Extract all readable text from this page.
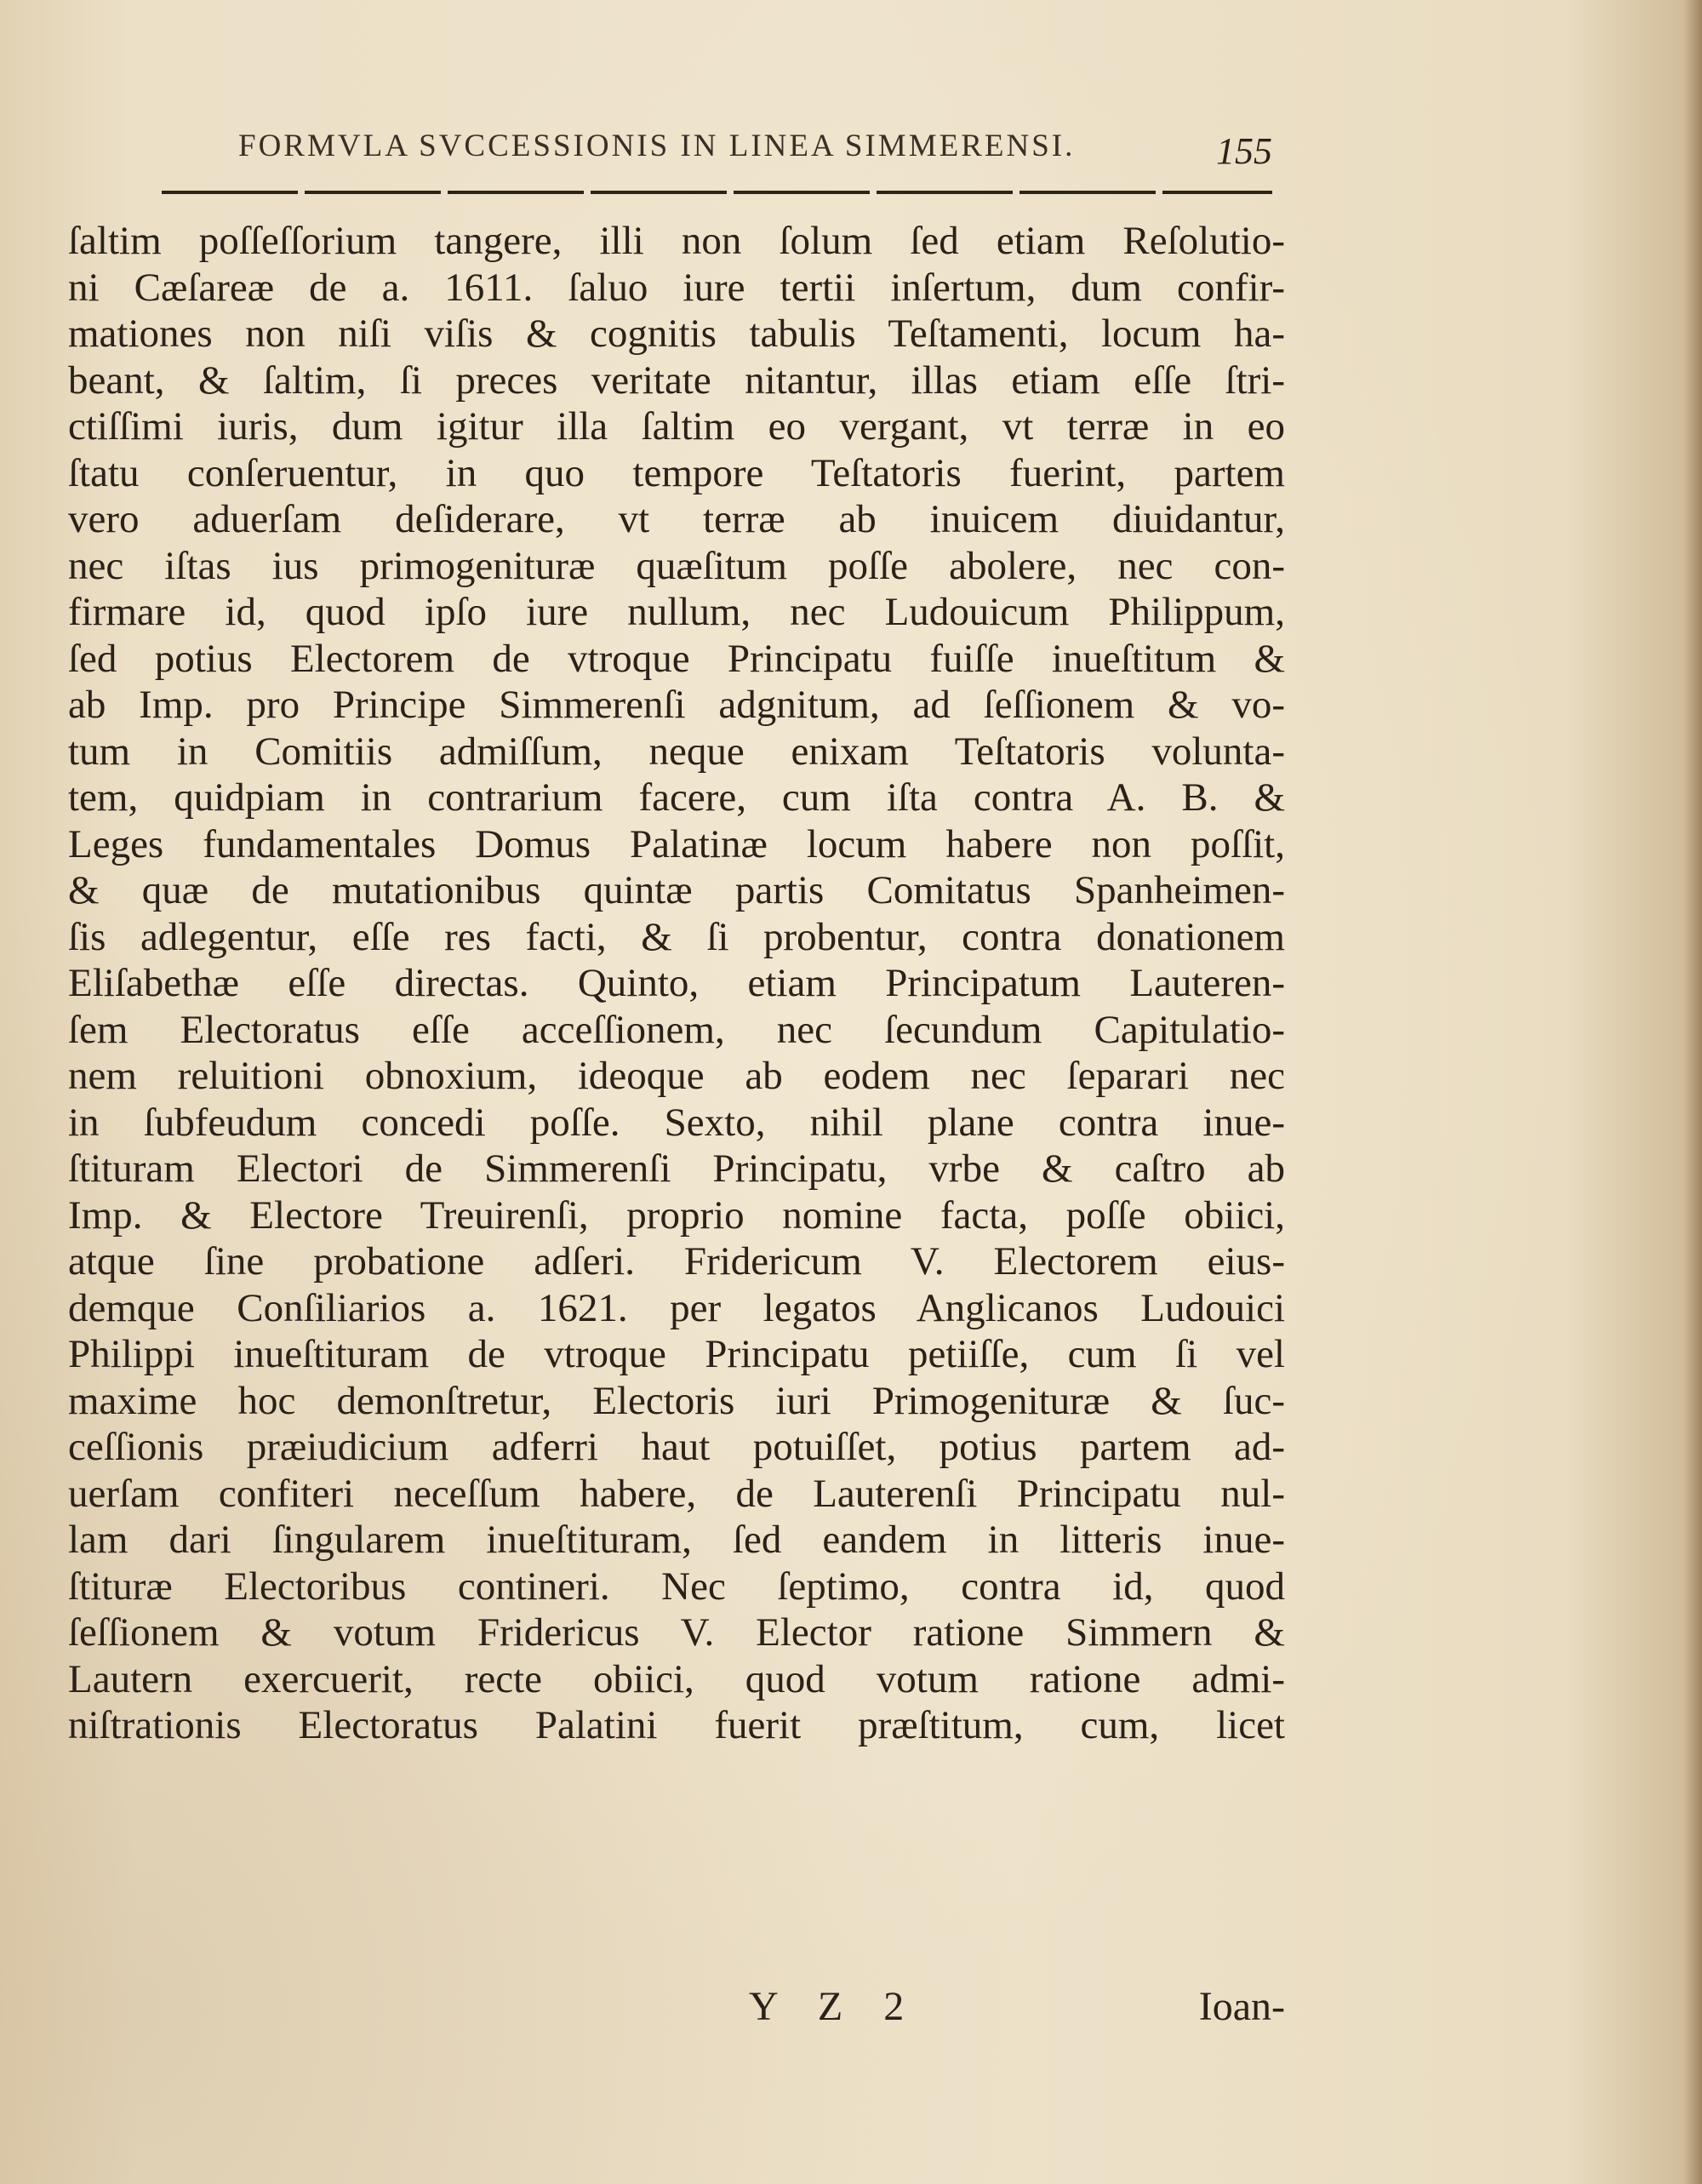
FORMVLA SVCCESSIONIS IN LINEA SIMMERENSI.	155
ſaltim poſſeſſorium tangere, illi non ſolum ſed etiam Reſolutio-
ni Cæſareæ de a. 1611. ſaluo iure tertii inſertum, dum confir-
mationes non niſi viſis & cognitis tabulis Teſtamenti, locum ha-
beant, & ſaltim, ſi preces veritate nitantur, illas etiam eſſe ſtri-
ctiſſimi iuris, dum igitur illa ſaltim eo vergant, vt terræ in eo
ſtatu conſeruentur, in quo tempore Teſtatoris fuerint, partem
vero aduerſam deſiderare, vt terræ ab inuicem diuidantur,
nec iſtas ius primogenituræ quæſitum poſſe abolere, nec con-
firmare id, quod ipſo iure nullum, nec Ludouicum Philippum,
ſed potius Electorem de vtroque Principatu fuiſſe inueſtitum &
ab Imp. pro Principe Simmerenſi adgnitum, ad ſeſſionem & vo-
tum in Comitiis admiſſum, neque enixam Teſtatoris volunta-
tem, quidpiam in contrarium facere, cum iſta contra A. B. &
Leges fundamentales Domus Palatinæ locum habere non poſſit,
& quæ de mutationibus quintæ partis Comitatus Spanheimen-
ſis adlegentur, eſſe res facti, & ſi probentur, contra donationem
Eliſabethæ eſſe directas. Quinto, etiam Principatum Lauteren-
ſem Electoratus eſſe acceſſionem, nec ſecundum Capitulatio-
nem reluitioni obnoxium, ideoque ab eodem nec ſeparari nec
in ſubfeudum concedi poſſe. Sexto, nihil plane contra inue-
ſtituram Electori de Simmerenſi Principatu, vrbe & caſtro ab
Imp. & Electore Treuirenſi, proprio nomine facta, poſſe obiici,
atque ſine probatione adſeri. Fridericum V. Electorem eius-
demque Conſiliarios a. 1621. per legatos Anglicanos Ludouici
Philippi inueſtituram de vtroque Principatu petiiſſe, cum ſi vel
maxime hoc demonſtretur, Electoris iuri Primogenituræ & ſuc-
ceſſionis præiudicium adferri haut potuiſſet, potius partem ad-
uerſam confiteri neceſſum habere, de Lauterenſi Principatu nul-
lam dari ſingularem inueſtituram, ſed eandem in litteris inue-
ſtituræ Electoribus contineri. Nec ſeptimo, contra id, quod
ſeſſionem & votum Fridericus V. Elector ratione Simmern &
Lautern exercuerit, recte obiici, quod votum ratione admi-
niſtrationis Electoratus Palatini fuerit præſtitum, cum, licet
Y Z 2	Ioan-
